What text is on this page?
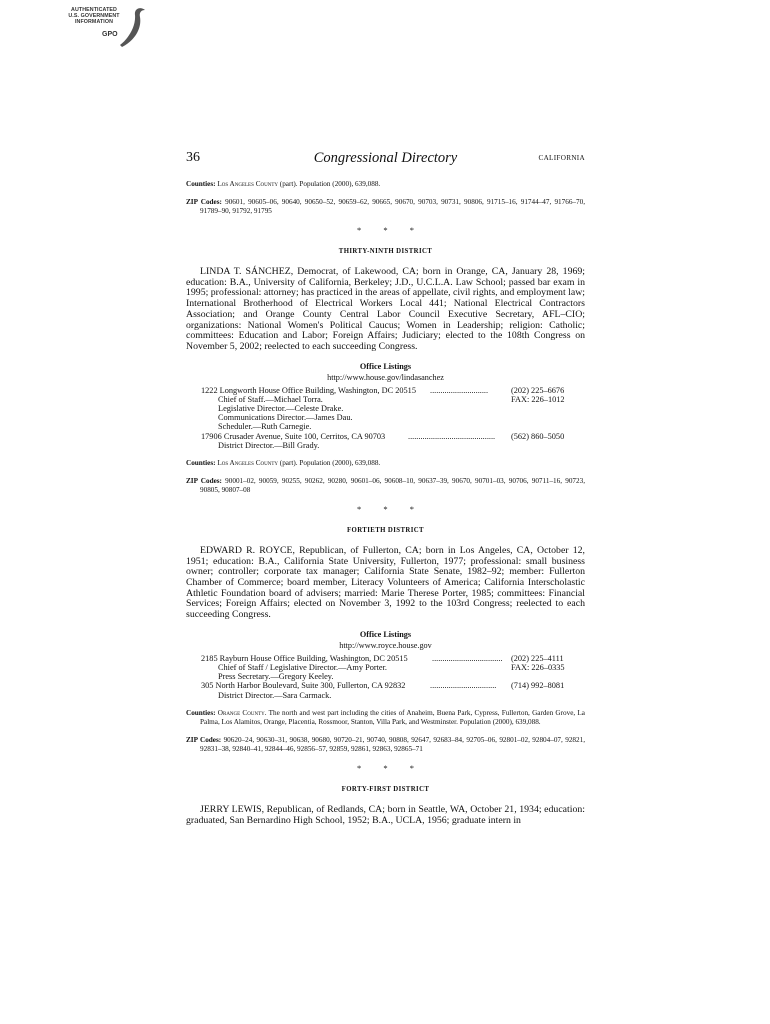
AUTHENTICATED
U.S. GOVERNMENT
INFORMATION
GPO
36	Congressional Directory	CALIFORNIA
Counties: Los Angeles County (part). Population (2000), 639,088.
ZIP Codes: 90601, 90605–06, 90640, 90650–52, 90659–62, 90665, 90670, 90703, 90731, 90806, 91715–16, 91744–47, 91766–70, 91789–90, 91792, 91795
* * *
THIRTY-NINTH DISTRICT

LINDA T. SÁNCHEZ, Democrat, of Lakewood, CA; born in Orange, CA, January 28, 1969; education: B.A., University of California, Berkeley; J.D., U.C.L.A. Law School; passed bar exam in 1995; professional: attorney; has practiced in the areas of appellate, civil rights, and employment law; International Brotherhood of Electrical Workers Local 441; National Electrical Contractors Association; and Orange County Central Labor Council Executive Secretary, AFL–CIO; organizations: National Women's Political Caucus; Women in Leadership; religion: Catholic; committees: Education and Labor; Foreign Affairs; Judiciary; elected to the 108th Congress on November 5, 2002; reelected to each succeeding Congress.

Office Listings
http://www.house.gov/lindasanchez
1222 Longworth House Office Building, Washington, DC 20515 ............................	(202) 225–6676
Chief of Staff.—Michael Torra.	FAX: 226–1012
Legislative Director.—Celeste Drake.
Communications Director.—James Dau.
Scheduler.—Ruth Carnegie.
17906 Crusader Avenue, Suite 100, Cerritos, CA 90703	..........................................	(562) 860–5050
District Director.—Bill Grady.
Counties: Los Angeles County (part). Population (2000), 639,088.
ZIP Codes: 90001–02, 90059, 90255, 90262, 90280, 90601–06, 90608–10, 90637–39, 90670, 90701–03, 90706, 90711–16, 90723, 90805, 90807–08
* * *
FORTIETH DISTRICT

EDWARD R. ROYCE, Republican, of Fullerton, CA; born in Los Angeles, CA, October 12, 1951; education: B.A., California State University, Fullerton, 1977; professional: small business owner; controller; corporate tax manager; California State Senate, 1982–92; member: Fullerton Chamber of Commerce; board member, Literacy Volunteers of America; California Interscholastic Athletic Foundation board of advisers; married: Marie Therese Porter, 1985; committees: Financial Services; Foreign Affairs; elected on November 3, 1992 to the 103rd Congress; reelected to each succeeding Congress.

Office Listings
http://www.royce.house.gov
2185 Rayburn House Office Building, Washington, DC 20515	..................................	(202) 225–4111
Chief of Staff / Legislative Director.—Amy Porter.	FAX: 226–0335
Press Secretary.—Gregory Keeley.
305 North Harbor Boulevard, Suite 300, Fullerton, CA 92832	................................	(714) 992–8081
District Director.—Sara Carmack.
Counties: Orange County. The north and west part including the cities of Anaheim, Buena Park, Cypress, Fullerton, Garden Grove, La Palma, Los Alamitos, Orange, Placentia, Rossmoor, Stanton, Villa Park, and Westminster. Population (2000), 639,088.
ZIP Codes: 90620–24, 90630–31, 90638, 90680, 90720–21, 90740, 90808, 92647, 92683–84, 92705–06, 92801–02, 92804–07, 92821, 92831–38, 92840–41, 92844–46, 92856–57, 92859, 92861, 92863, 92865–71
* * *
FORTY-FIRST DISTRICT

JERRY LEWIS, Republican, of Redlands, CA; born in Seattle, WA, October 21, 1934; education: graduated, San Bernardino High School, 1952; B.A., UCLA, 1956; graduate intern in
